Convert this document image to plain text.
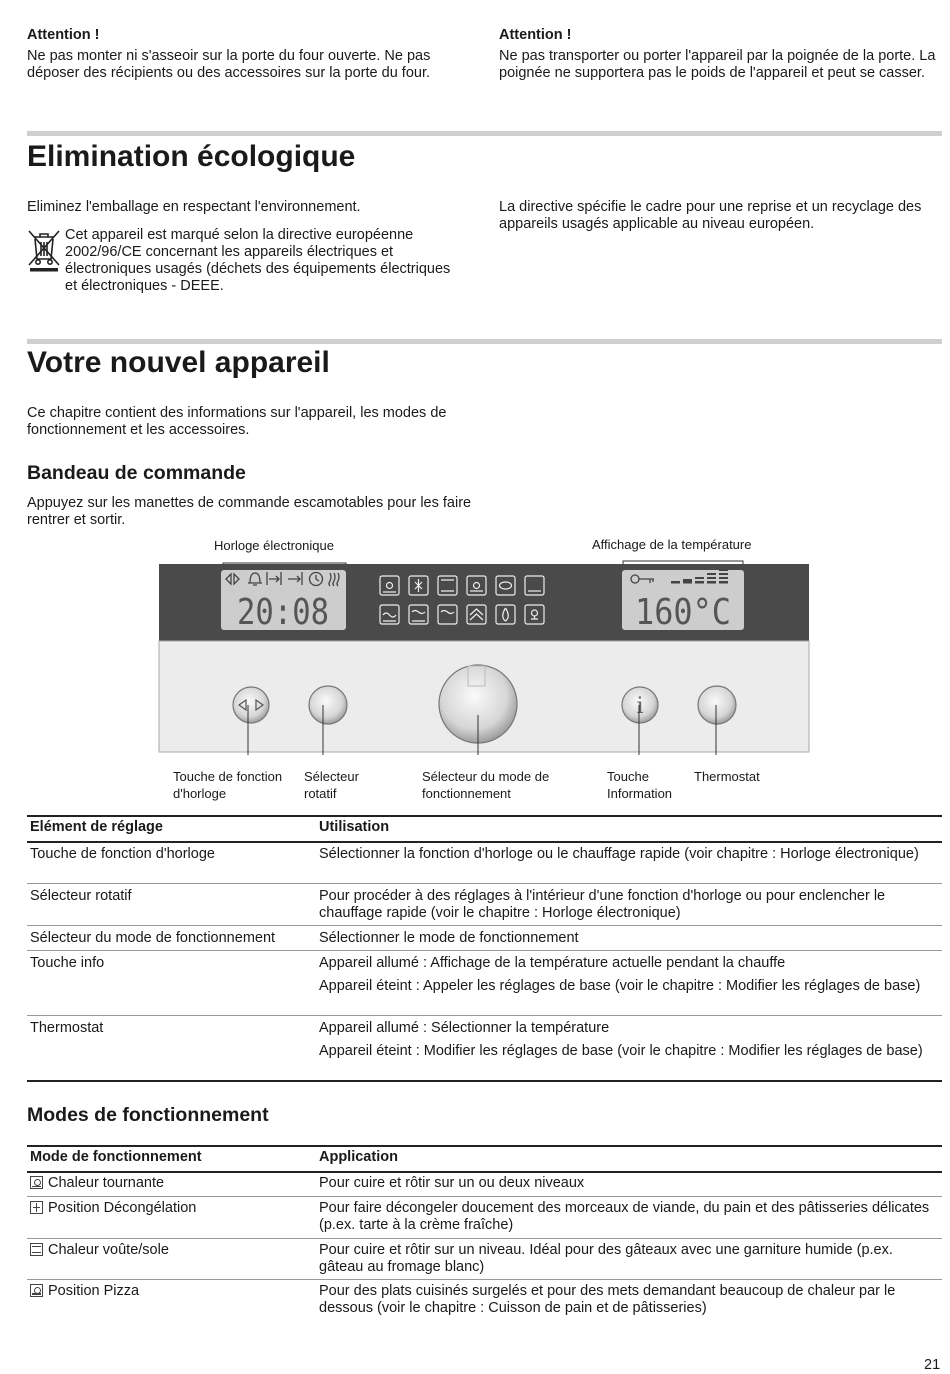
Attention !
Ne pas monter ni s'asseoir sur la porte du four ouverte. Ne pas déposer des récipients ou des accessoires sur la porte du four.
Attention !
Ne pas transporter ou porter l'appareil par la poignée de la porte. La poignée ne supportera pas le poids de l'appareil et peut se casser.
Elimination écologique
Eliminez l'emballage en respectant l'environnement.
Cet appareil est marqué selon la directive européenne 2002/96/CE concernant les appareils électriques et électroniques usagés (déchets des équipements électriques et électroniques - DEEE.
La directive spécifie le cadre pour une reprise et un recyclage des appareils usagés applicable au niveau européen.
Votre nouvel appareil
Ce chapitre contient des informations sur l'appareil, les modes de fonctionnement et les accessoires.
Bandeau de commande
Appuyez sur les manettes de commande escamotables pour les faire rentrer et sortir.
Horloge électronique	Affichage de la température
20:08	160°C
i
Touche de fonction d'horloge
Sélecteur rotatif
Sélecteur du mode de fonctionnement
Touche Information
Thermostat
Elément de réglage	Utilisation
Touche de fonction d'horloge	Sélectionner la fonction d'horloge ou le chauffage rapide (voir chapitre : Horloge électronique)
Sélecteur rotatif	Pour procéder à des réglages à l'intérieur d'une fonction d'horloge ou pour enclencher le chauffage rapide (voir le chapitre : Horloge électronique)
Sélecteur du mode de fonctionnement	Sélectionner le mode de fonctionnement
Touche info	Appareil allumé : Affichage de la température actuelle pendant la chauffe
Appareil éteint : Appeler les réglages de base (voir le chapitre : Modifier les réglages de base)
Thermostat	Appareil allumé : Sélectionner la température
Appareil éteint : Modifier les réglages de base (voir le chapitre : Modifier les réglages de base)
Modes de fonctionnement
Mode de fonctionnement	Application
Chaleur tournante	Pour cuire et rôtir sur un ou deux niveaux
Position Décongélation	Pour faire décongeler doucement des morceaux de viande, du pain et des pâtisseries délicates (p.ex. tarte à la crème fraîche)
Chaleur voûte/sole	Pour cuire et rôtir sur un niveau. Idéal pour des gâteaux avec une garniture humide (p.ex. gâteau au fromage blanc)
Position Pizza	Pour des plats cuisinés surgelés et pour des mets demandant beaucoup de chaleur par le dessous (voir le chapitre : Cuisson de pain et de pâtisseries)
21
